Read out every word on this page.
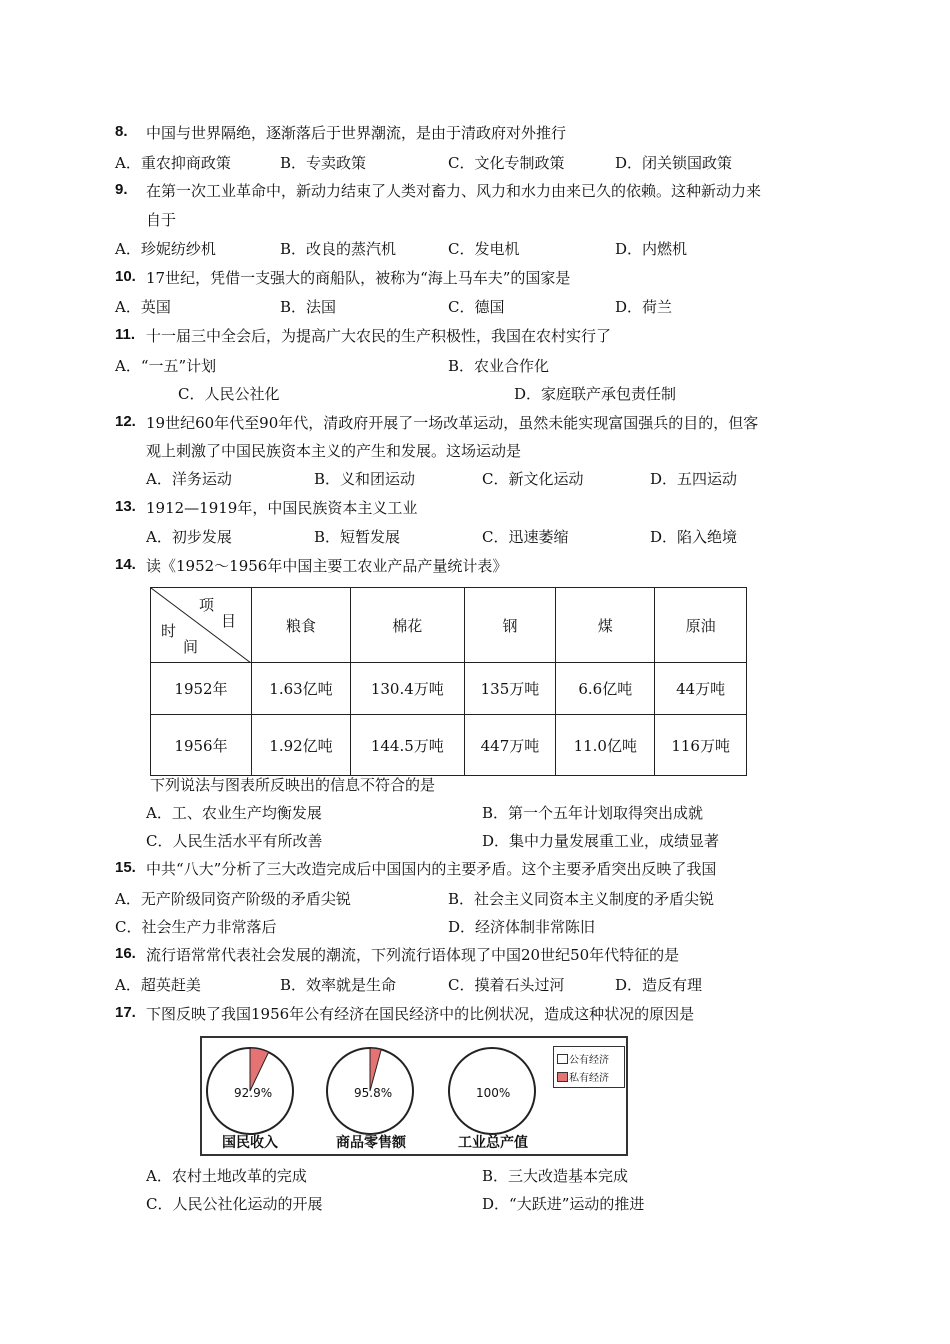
8. 中国与世界隔绝，逐渐落后于世界潮流，是由于清政府对外推行
A．重农抑商政策	B．专卖政策	C．文化专制政策	D．闭关锁国政策
9. 在第一次工业革命中，新动力结束了人类对畜力、风力和水力由来已久的依赖。这种新动力来
自于
A．珍妮纺纱机	B．改良的蒸汽机	C．发电机	D．内燃机
10. 17世纪，凭借一支强大的商船队，被称为“海上马车夫”的国家是
A．英国	B．法国	C．德国	D．荷兰
11. 十一届三中全会后，为提高广大农民的生产积极性，我国在农村实行了
A．“一五”计划	B．农业合作化
C．人民公社化	D．家庭联产承包责任制
12. 19世纪60年代至90年代，清政府开展了一场改革运动，虽然未能实现富国强兵的目的，但客
观上刺激了中国民族资本主义的产生和发展。这场运动是
A．洋务运动	B．义和团运动	C．新文化运动	D．五四运动
13. 1912—1919年，中国民族资本主义工业
A．初步发展	B．短暂发展	C．迅速萎缩	D．陷入绝境
14. 读《1952～1956年中国主要工农业产品产量统计表》
项
目
时
间	粮食	棉花	钢	煤	原油
1952年	1.63亿吨	130.4万吨	135万吨	6.6亿吨	44万吨
1956年	1.92亿吨	144.5万吨	447万吨	11.0亿吨	116万吨
下列说法与图表所反映出的信息不符合的是
A．工、农业生产均衡发展	B．第一个五年计划取得突出成就
C．人民生活水平有所改善	D．集中力量发展重工业，成绩显著
15. 中共“八大”分析了三大改造完成后中国国内的主要矛盾。这个主要矛盾突出反映了我国
A．无产阶级同资产阶级的矛盾尖锐	B．社会主义同资本主义制度的矛盾尖锐
C．社会生产力非常落后	D．经济体制非常陈旧
16. 流行语常常代表社会发展的潮流，下列流行语体现了中国20世纪50年代特征的是
A．超英赶美	B．效率就是生命	C．摸着石头过河	D．造反有理
17. 下图反映了我国1956年公有经济在国民经济中的比例状况，造成这种状况的原因是
92.9%	95.8%	100%
国民收入	商品零售额	工业总产值
公有经济
私有经济
A．农村土地改革的完成	B．三大改造基本完成
C．人民公社化运动的开展	D．“大跃进”运动的推进
